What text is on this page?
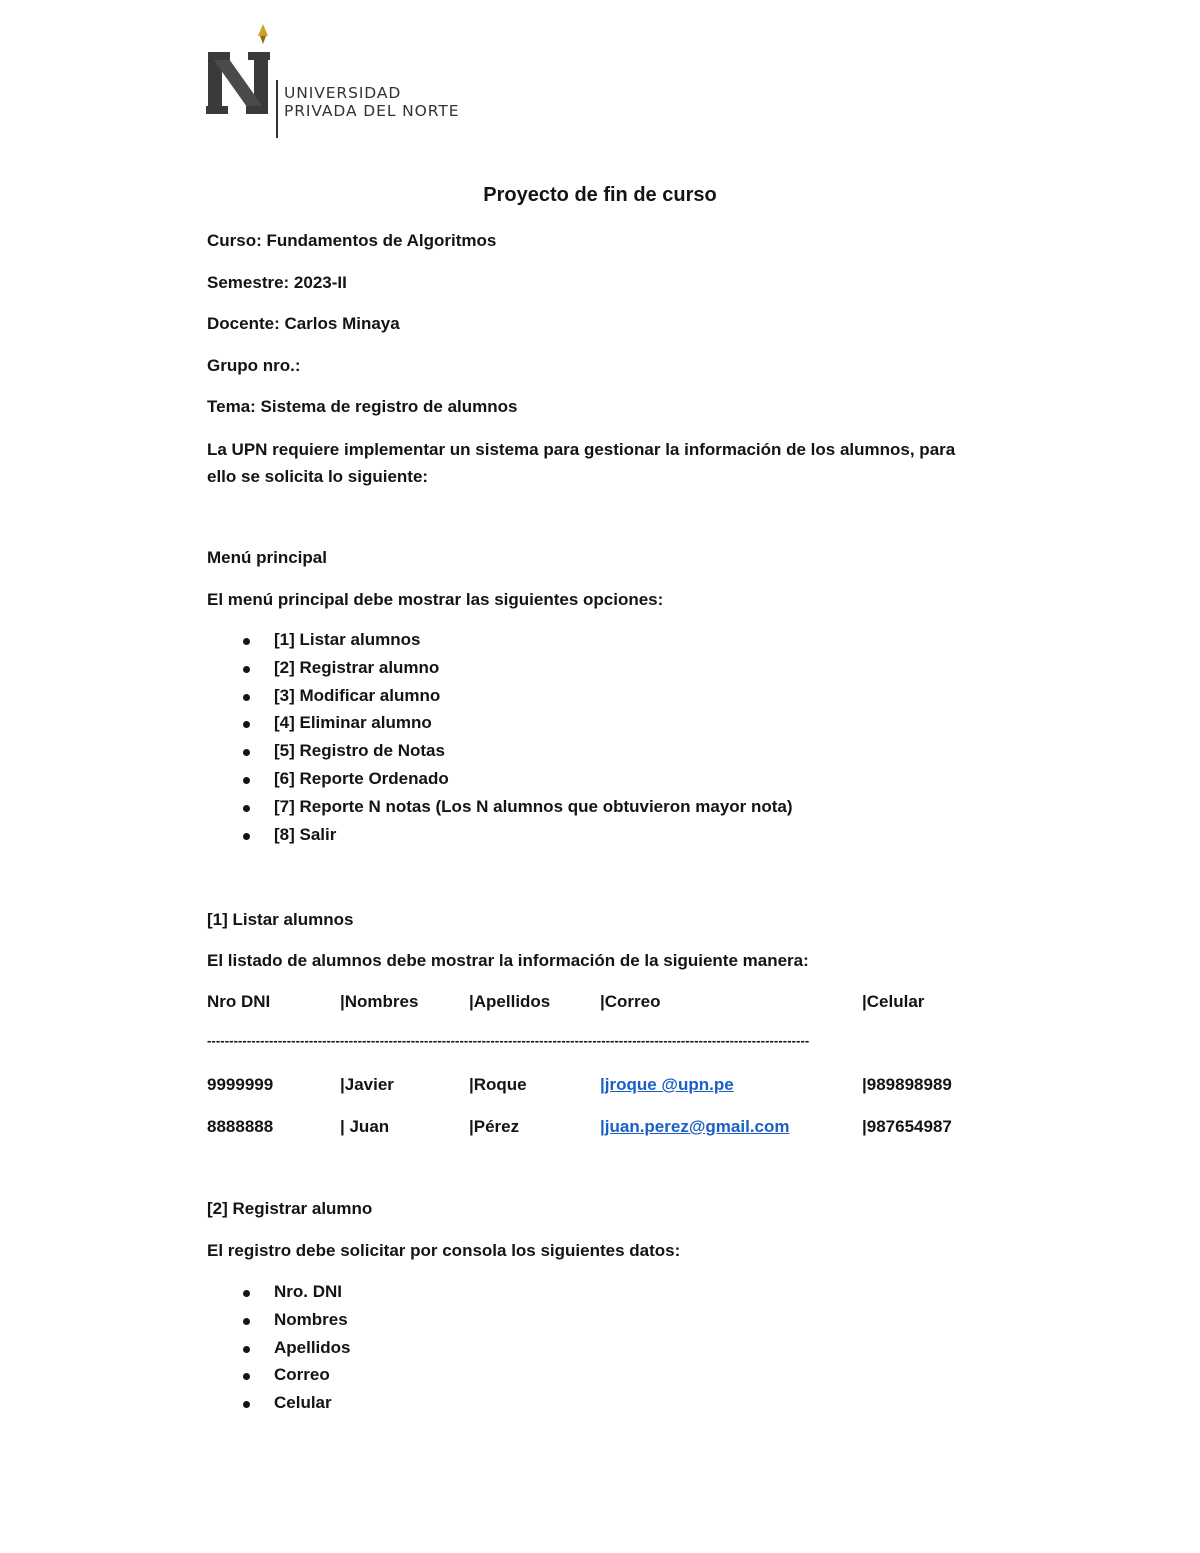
UNIVERSIDAD
PRIVADA DEL NORTE
Proyecto de fin de curso
Curso: Fundamentos de Algoritmos
Semestre: 2023-II
Docente: Carlos Minaya
Grupo nro.:
Tema: Sistema de registro de alumnos
La UPN requiere implementar un sistema para gestionar la información de los alumnos, para ello se solicita lo siguiente:
Menú principal
El menú principal debe mostrar las siguientes opciones:
[1] Listar alumnos
[2] Registrar alumno
[3] Modificar alumno
[4] Eliminar alumno
[5] Registro de Notas
[6] Reporte Ordenado
[7] Reporte N notas (Los N alumnos que obtuvieron mayor nota)
[8] Salir
[1] Listar alumnos
El listado de alumnos debe mostrar la información de la siguiente manera:
Nro DNI	|Nombres	|Apellidos	|Correo	|Celular
----------------------------------------------------------------------------------------------------------------------------------------
9999999	|Javier	|Roque	|jroque @upn.pe	|989898989
8888888	| Juan	|Pérez	|juan.perez@gmail.com	|987654987
[2] Registrar alumno
El registro debe solicitar por consola los siguientes datos:
Nro. DNI
Nombres
Apellidos
Correo
Celular
